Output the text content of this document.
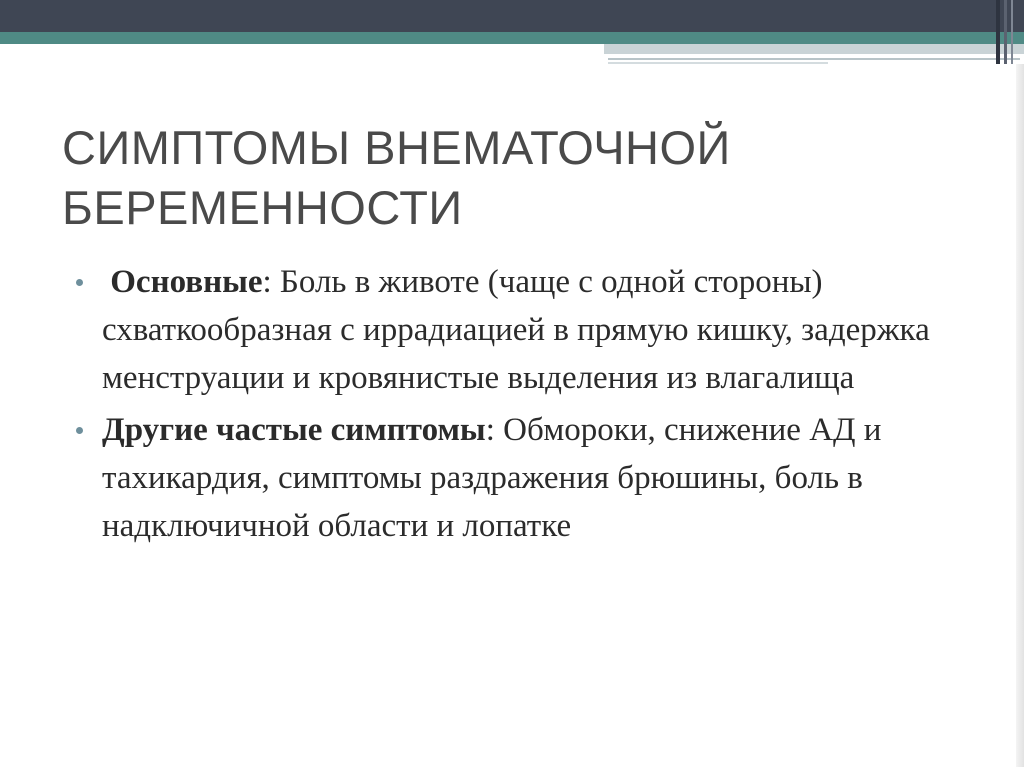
СИМПТОМЫ ВНЕМАТОЧНОЙ
БЕРЕМЕННОСТИ
Основные: Боль в животе (чаще с одной стороны) схваткообразная с иррадиацией в прямую кишку, задержка менструации и кровянистые выделения из влагалища
Другие частые симптомы: Обмороки, снижение АД и тахикардия, симптомы раздражения брюшины, боль в надключичной области и лопатке
